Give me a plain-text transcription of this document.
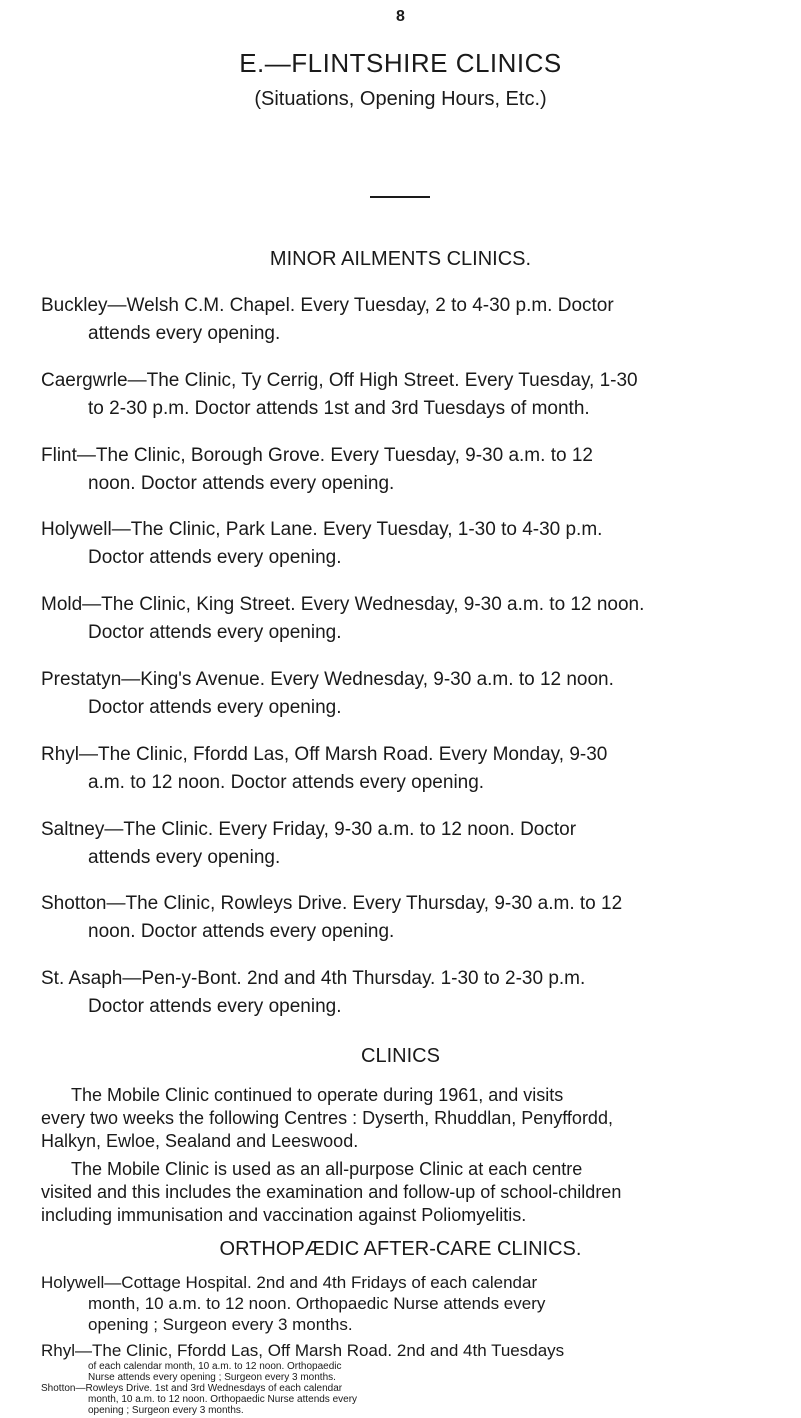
8
E.—FLINTSHIRE CLINICS
(Situations, Opening Hours, Etc.)
MINOR AILMENTS CLINICS.
Buckley—Welsh C.M. Chapel. Every Tuesday, 2 to 4-30 p.m. Doctor
attends every opening.
Caergwrle—The Clinic, Ty Cerrig, Off High Street. Every Tuesday, 1-30
to 2-30 p.m. Doctor attends 1st and 3rd Tuesdays of month.
Flint—The Clinic, Borough Grove. Every Tuesday, 9-30 a.m. to 12
noon. Doctor attends every opening.
Holywell—The Clinic, Park Lane. Every Tuesday, 1-30 to 4-30 p.m.
Doctor attends every opening.
Mold—The Clinic, King Street. Every Wednesday, 9-30 a.m. to 12 noon.
Doctor attends every opening.
Prestatyn—King's Avenue. Every Wednesday, 9-30 a.m. to 12 noon.
Doctor attends every opening.
Rhyl—The Clinic, Ffordd Las, Off Marsh Road. Every Monday, 9-30
a.m. to 12 noon. Doctor attends every opening.
Saltney—The Clinic. Every Friday, 9-30 a.m. to 12 noon. Doctor
attends every opening.
Shotton—The Clinic, Rowleys Drive. Every Thursday, 9-30 a.m. to 12
noon. Doctor attends every opening.
St. Asaph—Pen-y-Bont. 2nd and 4th Thursday. 1-30 to 2-30 p.m.
Doctor attends every opening.
CLINICS
The Mobile Clinic continued to operate during 1961, and visits
every two weeks the following Centres : Dyserth, Rhuddlan, Penyffordd,
Halkyn, Ewloe, Sealand and Leeswood.
The Mobile Clinic is used as an all-purpose Clinic at each centre
visited and this includes the examination and follow-up of school-children
including immunisation and vaccination against Poliomyelitis.
ORTHOPÆDIC AFTER-CARE CLINICS.
Holywell—Cottage Hospital. 2nd and 4th Fridays of each calendar
month, 10 a.m. to 12 noon. Orthopaedic Nurse attends every
opening ; Surgeon every 3 months.
Rhyl—The Clinic, Ffordd Las, Off Marsh Road. 2nd and 4th Tuesdays
of each calendar month, 10 a.m. to 12 noon. Orthopaedic
Nurse attends every opening ; Surgeon every 3 months.
Shotton—Rowleys Drive. 1st and 3rd Wednesdays of each calendar
month, 10 a.m. to 12 noon. Orthopaedic Nurse attends every
opening ; Surgeon every 3 months.
